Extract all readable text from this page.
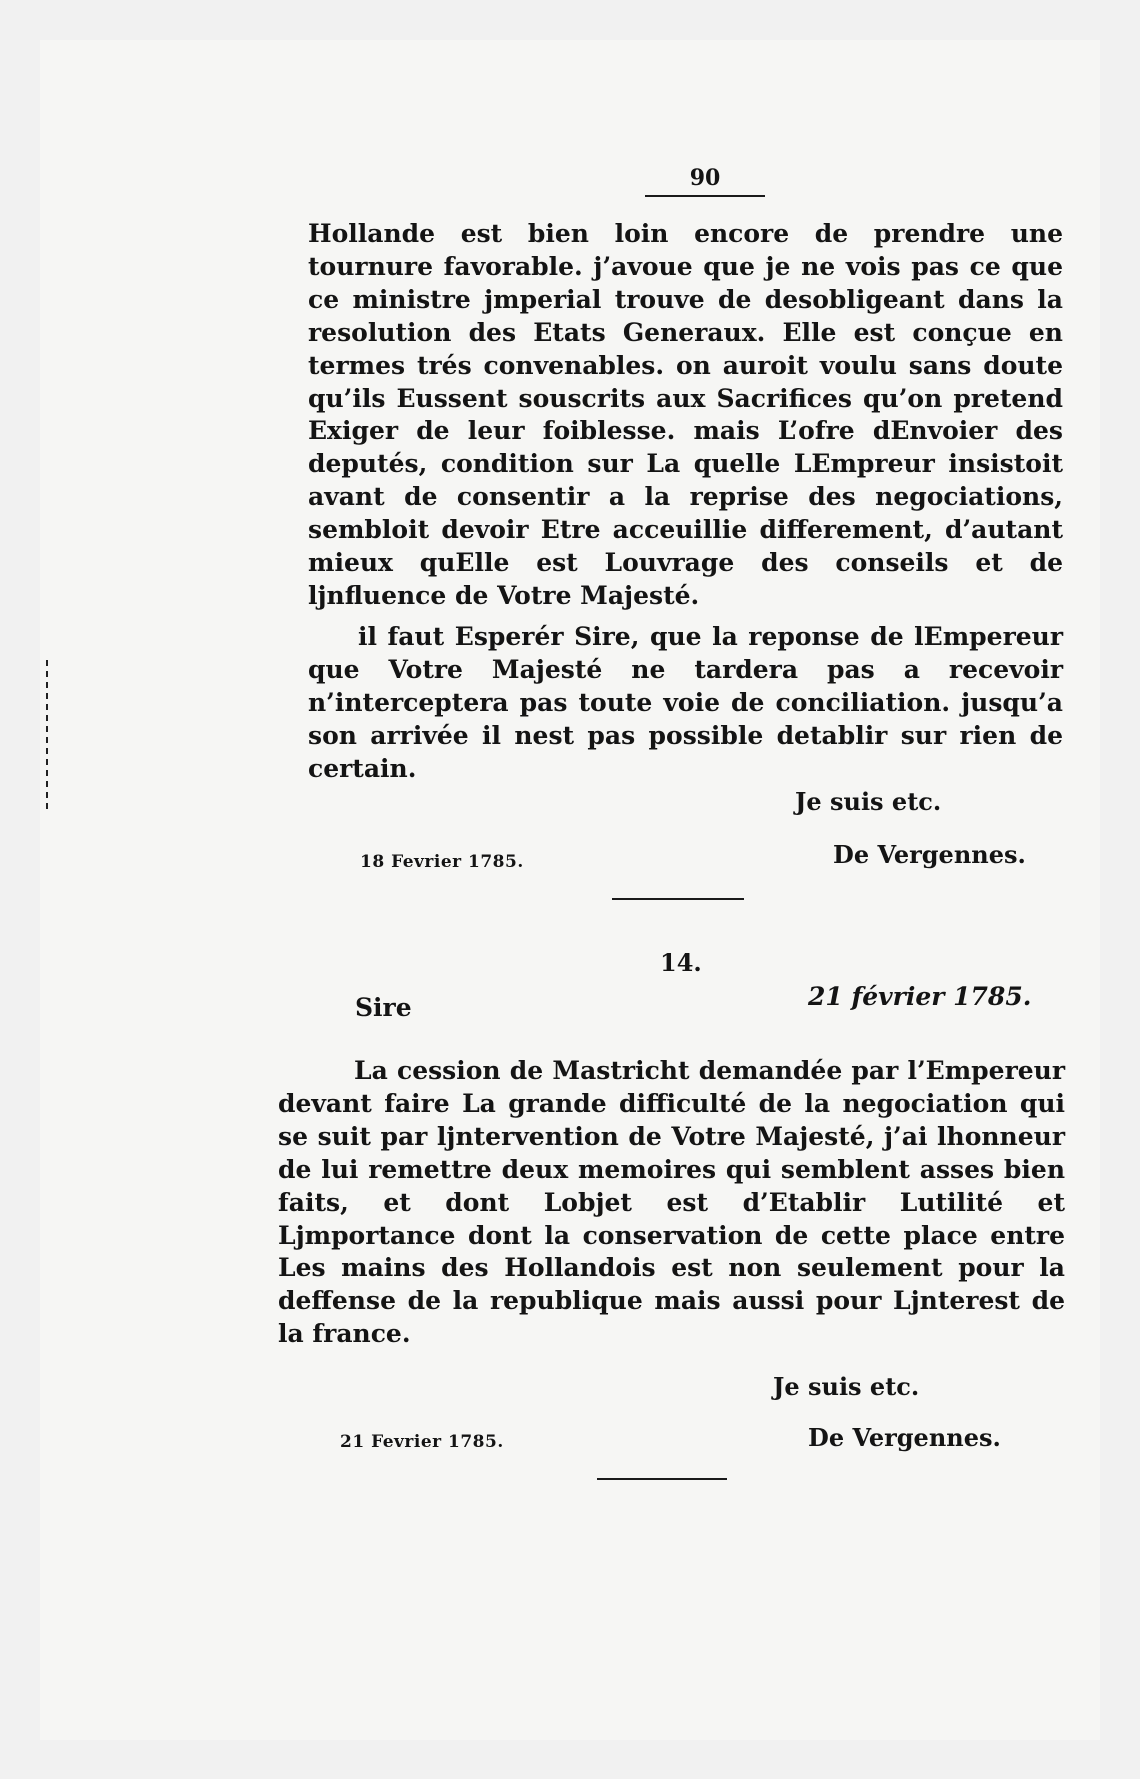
90

Hollande est bien loin encore de prendre une tournure favorable. j’avoue que je ne vois pas ce que ce ministre jmperial trouve de desobligeant dans la resolution des Etats Generaux. Elle est conçue en termes trés convenables. on auroit voulu sans doute qu’ils Eussent souscrits aux Sacrifices qu’on pretend Exiger de leur foiblesse. mais L’ofre dEnvoier des deputés, condition sur La quelle LEmpreur insistoit avant de consentir a la reprise des negociations, sembloit devoir Etre acceuillie differement, d’autant mieux quElle est Louvrage des conseils et de ljnfluence de Votre Majesté.

il faut Esperér Sire, que la reponse de lEmpereur que Votre Majesté ne tardera pas a recevoir n’interceptera pas toute voie de conciliation. jusqu’a son arrivée il nest pas possible detablir sur rien de certain.

Je suis etc.
18 Fevrier 1785.	De Vergennes.
14.
Sire	21 février 1785.

La cession de Mastricht demandée par l’Empereur devant faire La grande difficulté de la negociation qui se suit par ljntervention de Votre Majesté, j’ai lhonneur de lui remettre deux memoires qui semblent asses bien faits, et dont Lobjet est d’Etablir Lutilité et Ljmportance dont la conservation de cette place entre Les mains des Hollandois est non seulement pour la deffense de la republique mais aussi pour Ljnterest de la france.

Je suis etc.
21 Fevrier 1785.	De Vergennes.
